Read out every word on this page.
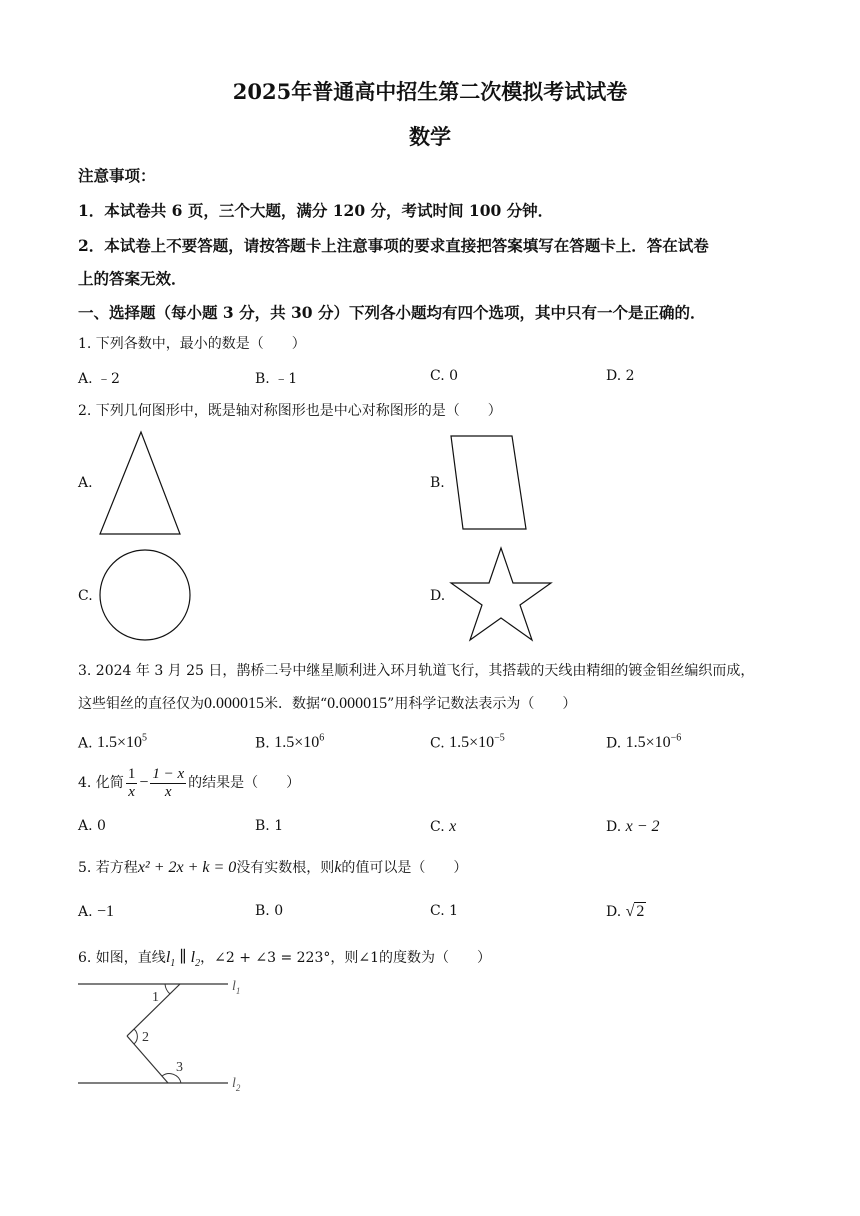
2025年普通高中招生第二次模拟考试试卷
数学
注意事项：
1．本试卷共 6 页，三个大题，满分 120 分，考试时间 100 分钟．
2．本试卷上不要答题，请按答题卡上注意事项的要求直接把答案填写在答题卡上．答在试卷
上的答案无效．
一、选择题（每小题 3 分，共 30 分）下列各小题均有四个选项，其中只有一个是正确的．
1. 下列各数中，最小的数是（　　）
A. ﹣2	B. ﹣1	C. 0	D. 2
2. 下列几何图形中，既是轴对称图形也是中心对称图形的是（　　）
A.	B.
C.	D.
3. 2024 年 3 月 25 日，鹊桥二号中继星顺利进入环月轨道飞行，其搭载的天线由精细的镀金钼丝编织而成，
这些钼丝的直径仅为0.000015米．数据“0.000015”用科学记数法表示为（　　）
A. $1.5\times 10^5$	B. $1.5\times 10^6$	C. $1.5\times 10^{-5}$	D. $1.5\times 10^{-6}$
4. 化简 $\frac{1}{x} - \frac{1 - x}{x}$ 的结果是（　　）
A. 0	B. 1	C. x	D. x − 2
5. 若方程x² + 2x + k = 0没有实数根，则k的值可以是（　　）
A. −1	B. 0	C. 1	D. √ 2
6. 如图，直线$l_1$ ∥ $l_2$，∠2 + ∠3 = 223°，则∠1的度数为（　　）
1
2
3
$l_1$
$l_2$
